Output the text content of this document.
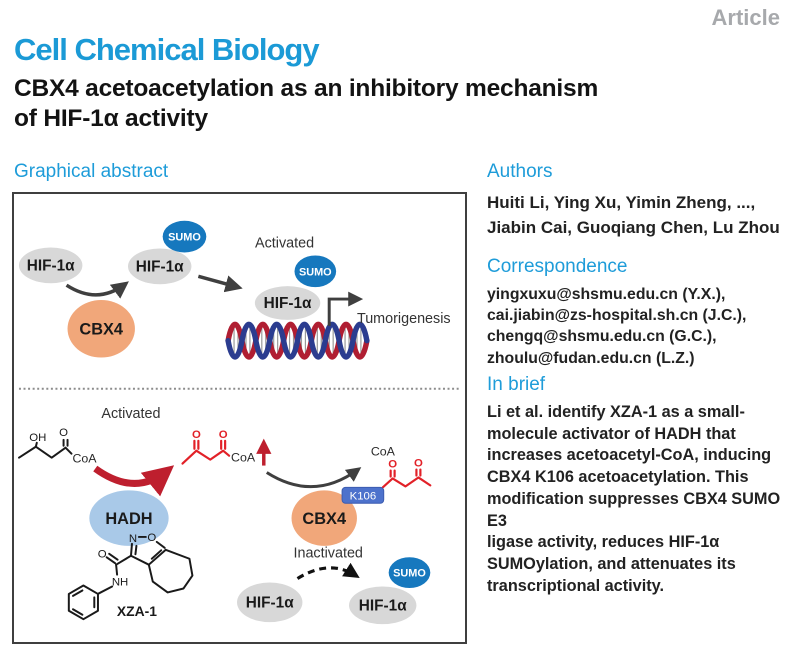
Article
Cell Chemical Biology
CBX4 acetoacetylation as an inhibitory mechanism
of HIF-1α activity
Graphical abstract
HIF-1α
CBX4
SUMO
HIF-1α
Activated
SUMO
HIF-1α
Tumorigenesis
Activated
OH O
CoA
HADH
O O
CoA	CoA
CBX4
O O
K106
Inactivated
HIF-1α
SUMO
HIF-1α
N O
O
NH
XZA-1
Authors
Huiti Li, Ying Xu, Yimin Zheng, ...,
Jiabin Cai, Guoqiang Chen, Lu Zhou
Correspondence
yingxuxu@shsmu.edu.cn (Y.X.),
cai.jiabin@zs-hospital.sh.cn (J.C.),
chengq@shsmu.edu.cn (G.C.),
zhoulu@fudan.edu.cn (L.Z.)
In brief
Li et al. identify XZA-1 as a small-
molecule activator of HADH that
increases acetoacetyl-CoA, inducing
CBX4 K106 acetoacetylation. This
modification suppresses CBX4 SUMO E3
ligase activity, reduces HIF-1α
SUMOylation, and attenuates its
transcriptional activity.
